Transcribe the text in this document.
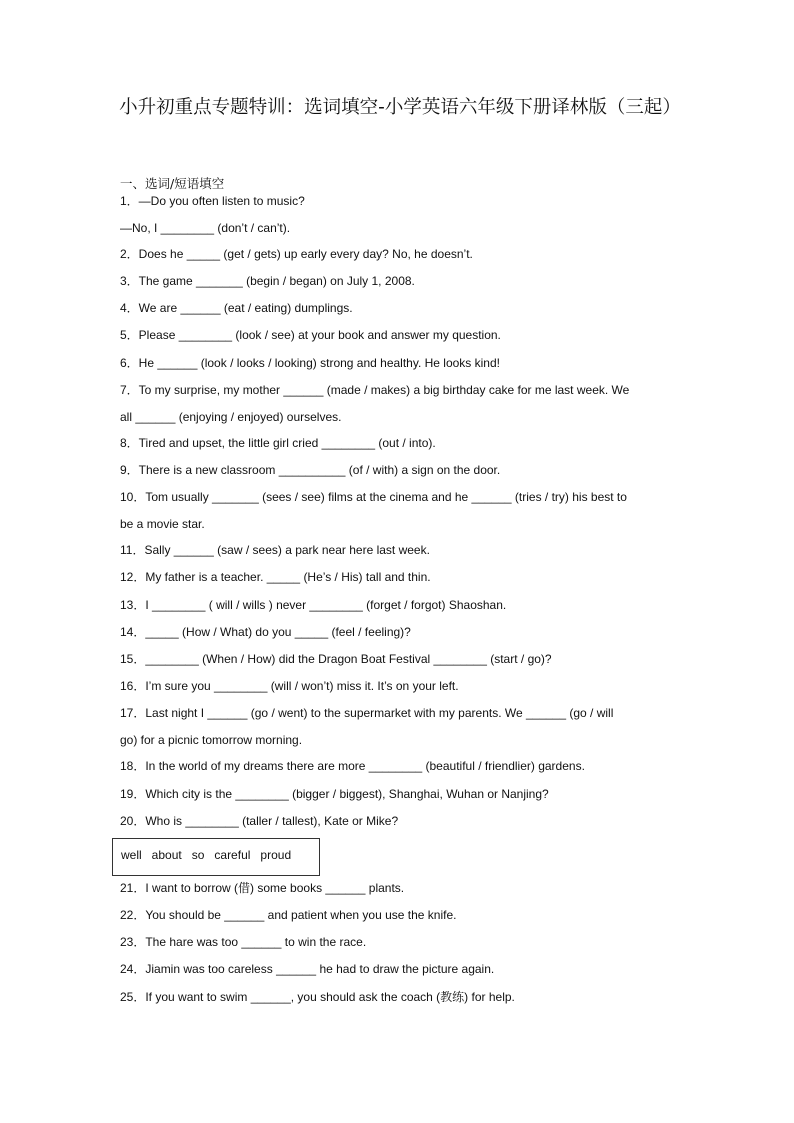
小升初重点专题特训：选词填空-小学英语六年级下册译林版（三起）
一、选词/短语填空
1．—Do you often listen to music?
—No, I ________ (don’t / can’t).
2．Does he _____ (get / gets) up early every day? No, he doesn’t.
3．The game _______ (begin / began) on July 1, 2008.
4．We are ______ (eat / eating) dumplings.
5．Please ________ (look / see) at your book and answer my question.
6．He ______ (look / looks / looking) strong and healthy. He looks kind!
7．To my surprise, my mother ______ (made / makes) a big birthday cake for me last week. We
all ______ (enjoying / enjoyed) ourselves.
8．Tired and upset, the little girl cried ________ (out / into).
9．There is a new classroom __________ (of / with) a sign on the door.
10．Tom usually _______ (sees / see) films at the cinema and he ______ (tries / try) his best to
be a movie star.
11．Sally ______ (saw / sees) a park near here last week.
12．My father is a teacher. _____ (He’s / His) tall and thin.
13．I ________ ( will / wills ) never ________ (forget / forgot) Shaoshan.
14．_____ (How / What) do you _____ (feel / feeling)?
15．________ (When / How) did the Dragon Boat Festival ________ (start / go)?
16．I’m sure you ________ (will / won’t) miss it. It’s on your left.
17．Last night I ______ (go / went) to the supermarket with my parents. We ______ (go / will
go) for a picnic tomorrow morning.
18．In the world of my dreams there are more ________ (beautiful / friendlier) gardens.
19．Which city is the ________ (bigger / biggest), Shanghai, Wuhan or Nanjing?
20．Who is ________ (taller / tallest), Kate or Mike?
well about so careful proud
21．I want to borrow (借) some books ______ plants.
22．You should be ______ and patient when you use the knife.
23．The hare was too ______ to win the race.
24．Jiamin was too careless ______ he had to draw the picture again.
25．If you want to swim ______, you should ask the coach (教练) for help.
